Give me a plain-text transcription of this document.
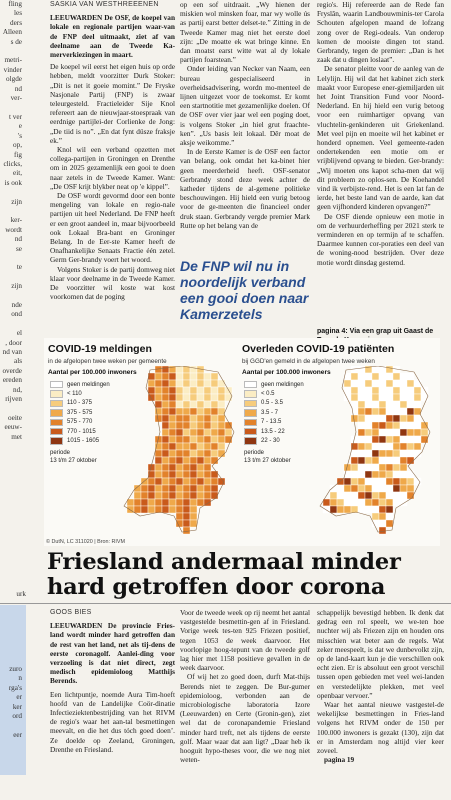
fling
les
ders
Alleen
s de

metri-
vinder
olgde
nd
ver-

t ver
e
's
op,
fig
clicks,
eit,
is ook

zijn

ker-
wordt
nd
se

te

zijn

nde
ond

el
, door
nd van
als
overde
ereden
nd,
rijven

oeite
eeuw-
met
urk
zuro
n
rga's
er
ker
ord

eer

SASKIA VAN WESTHREEENEN

LEEUWARDEN De OSF, de koepel van lokale en regionale partijen waar-van de FNP deel uitmaakt, ziet af van deelname aan de Tweede Ka-merverkiezingen in maart.

De koepel wil eerst het eigen huis op orde hebben, meldt voorzitter Durk Stoker: „Dit is net it goeie momint.” De Fryske Nasjonale Partij (FNP) is zwaar teleurgesteld. Fractieleider Sije Knol refereert aan de nieuwjaar-stoespraak van eerdnige partijlei-der Corlienke de Jong: „De tiid is no”. „En dat fynt düsze fraksje ek.”

Knol wil een verband opzetten met collega-partijen in Groningen en Drenthe om in 2025 gezamenlijk een gooi te doen naar zetels in de Tweede Kamer. Want: „De OSF krijt blykber neat op 'e kippel”.

De OSF wordt gevormd door een bonte mengeling van lokale en regio-nale partijen uit heel Nederland. De FNP heeft er een groot aandeel in, maar bijvoorbeeld ook Lokaal Bra-bant en Groninger Belang. In de Eer-ste Kamer heeft de Onafhankelijke Senaats Fractie één zetel. Germ Ger-brandy voert het woord.

Volgens Stoker is de partij domweg niet klaar voor deelname in de Tweede Kamer. De voorzitter wil koste wat kost voorkomen dat de poging

op een sof uitdraait. „Wy hienen der miskien wol minsken foar, mar wy wolle ús as partij earst better delset-te.” Zitting in de Tweede Kamer mag niet het eerste doel zijn: „De moatte ek wat bringe kinne. En dan moatst earst witte wat al dy lokale partijen foarstean.”

Onder leiding van Necker van Naam, een bureau gespecialiseerd in overheidsadvisering, wordn mo-menteel de lijnen uitgezet voor de toekomst. Er komt een startnotitie met gezamenlijke doelen. Of de OSF over vier jaar wel een poging doet, is volgens Stoker „in hiel grut fraachte-ken”. „Us basis leit lokaal. Dêr moat de aksje weikomme.”

In de Eerste Kamer is de OSF een factor van belang, ook omdat het ka-binet hier geen meerderheid heeft. OSF-senator Gerbrandy stond deze week achter de katheder tijdens de al-gemene politieke beschouwingen. Hij hield een vurig betoog voor de ge-meenten die financieel onder druk staan. Gerbrandy vergde premier Mark Rutte op het belang van de

De FNP wil nu in noordelijk verband een gooi doen naar Kamerzetels

regio's. Hij refereerde aan de Rede fan Fryslân, waarin Landbouwminis-ter Carola Schouten afgelopen maand de lofzang zong over de Regi-odeals. Van onderop komen de mooiste dingen tot stand. Gerbrandy, tegen de premier: „Dan is het zaak dat u dingen loslaat”.

De senator pleitte voor de aanleg van de Lelylijn. Hij wil dat het kabinet zich sterk maakt voor Europese ener-giemiljarden uit het Joint Transition Fund voor Noord-Nederland. En hij hield een vurig betoog voor een ruimhartiger opvang van vluchtelin-genkinderen uit Griekenland. Met veel pijn en moeite wil het kabinet er honderd opnemen. Veel gemeente-raden ondertekenden een motie om er vrijblijvend opvang te bieden. Ger-brandy: „Wij moeten ons kapot scha-men dat wij dit probleem zo oplos-sen. De Koehandel vind ik verbijste-rend. Het is een lat fan de ierde, het beste land van de aarde, kan dat geen vijfhonderd kinderen opvangen?”

De OSF diende opnieuw een motie in om de verhuurderheffing per 2021 sterk te verminderen en op termijn af te schaffen. Daarmee kunnen cor-poraties een deel van de woning-nood bestrijden. Over deze motie wordt dinsdag gestemd.

pagina 4: Via een grap uit Gaast de
COVID-19 meldingen
in de afgelopen twee weken per gemeente
Aantal per 100.000 inwoners
geen meldingen
< 110
110 - 375
375 - 575
575 - 770
770 - 1015
1015 - 1605
periode
13 t/m 27 oktober
Overleden COVID-19 patiënten
bij GGD'en gemeld in de afgelopen twee weken
Aantal per 100.000 inwoners
geen meldingen
< 0.5
0.5 - 3.5
3.5 - 7
7 - 13.5
13.5 - 22
22 - 30
periode
13 t/m 27 oktober
© DutN, LC 311020 | Bron: RIVM
Friesland andermaal minder hard getroffen door corona
GOOS BIES

LEEUWARDEN De provincie Fries-land wordt minder hard getroffen dan de rest van het land, net als tij-dens de eerste coronagolf. Aanlei-ding voor verzoeling is dat niet direct, zegt medisch epidemioloog Matthijs Berends.

Een lichtpuntje, noemde Aura Tim-hoeft hoofd van de Landelijke Coör-dinatie Infectieziektenbestrijding van het RIVM de regio's waar het aan-tal besmettingen meevalt, en die het dus tóch goed doen’. Ze doelde op Zeeland, Groningen, Drenthe en Friesland.

Voor de tweede week op rij neemt het aantal vastgestelde besmettin-gen af in Friesland. Vorige week tes-ten 925 Friezen positief, tegen 1053 de week daarvoor. Het voorlopige hoog-tepunt van de tweede golf lag hier met 1158 positieve gevallen in de week daarvoor.

Of wij het zo goed doen, durft Mat-thijs Berends niet te zeggen. De Bur-gumer epidemioloog, verbonden aan de microbiologische laboratoria Izore (Leeuwarden) en Certe (Gronin-gen), ziet wel dat de coronapandemie Friesland minder hard treft, net als tijdens de eerste golf. Maar waar dat aan ligt? „Daar heb ik hooguit hypo-theses voor, die we nog niet weten-

schappelijk bevestigd hebben. Ik denk dat gedrag een rol speelt, we we-ten hoe nuchter wij als Friezen zijn en houden ons misschien wat beter aan de regels. Wat zeker meespeelt, is dat we dunbevolkt zijn, op de land-kaart kun je die verschillen ook echt zien. Er is absoluut een groot verschil tussen open gebieden met veel wei-landen en verstedelijkte plekken, met veel openbaar vervoer.”

Waar het aantal nieuwe vastgestel-de wekelijkse besmettingen in Fries-land volgens het RIVM onder de 150 per 100.000 inwoners is gezakt (130), zijn dat er in Amsterdam nog altijd vier keer zoveel.

pagina 19
